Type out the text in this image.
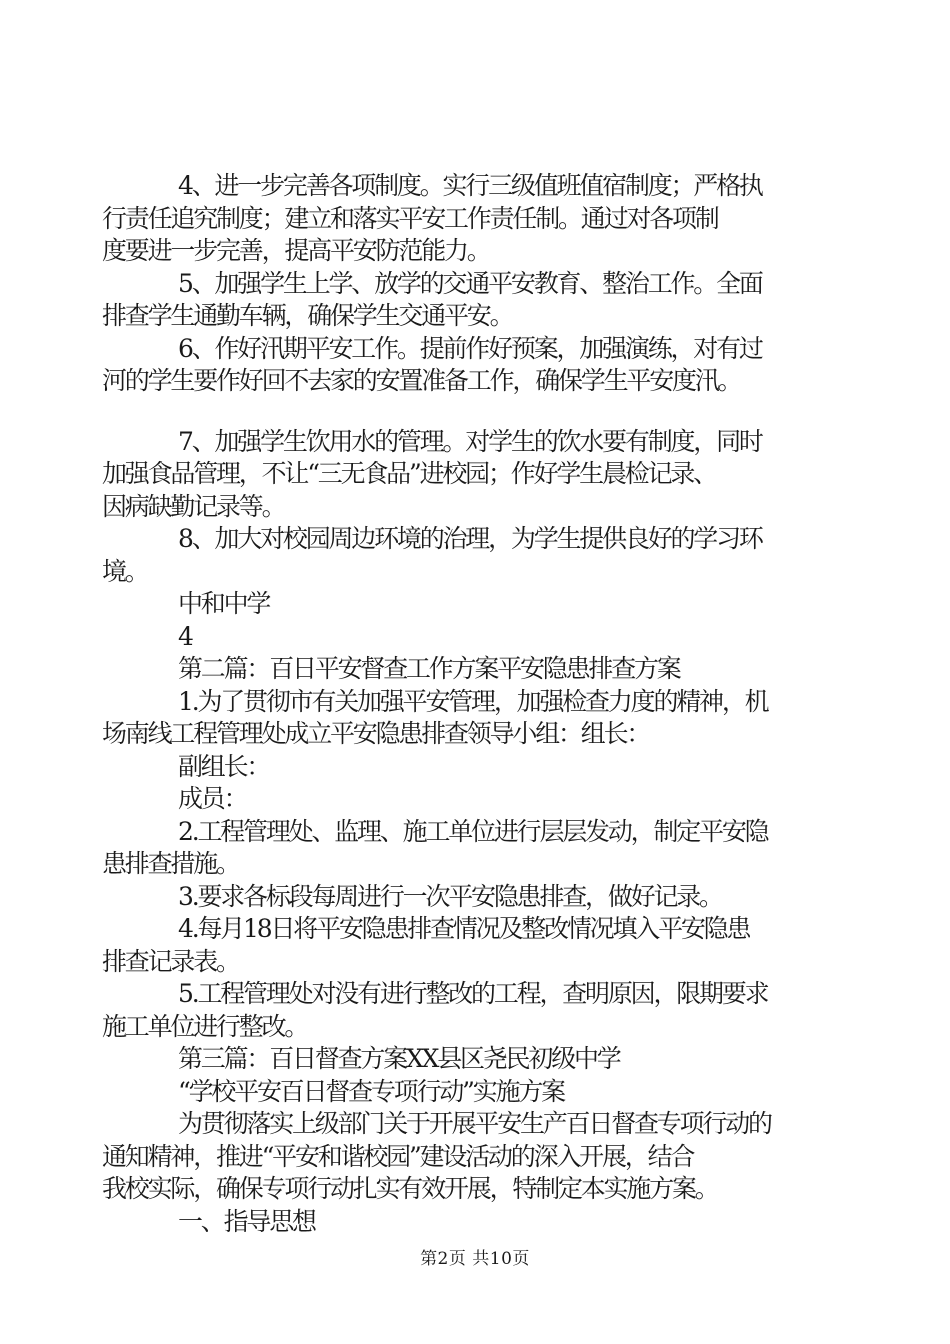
4、进一步完善各项制度。实行三级值班值宿制度；严格执

行责任追究制度；建立和落实平安工作责任制。通过对各项制

度要进一步完善，提高平安防范能力。

5、加强学生上学、放学的交通平安教育、整治工作。全面

排查学生通勤车辆，确保学生交通平安。

6、作好汛期平安工作。提前作好预案，加强演练，对有过

河的学生要作好回不去家的安置准备工作，确保学生平安度汛。

7、加强学生饮用水的管理。对学生的饮水要有制度，同时

加强食品管理，不让“三无食品”进校园；作好学生晨检记录、

因病缺勤记录等。

8、加大对校园周边环境的治理，为学生提供良好的学习环

境。

中和中学

4

第二篇：百日平安督查工作方案平安隐患排查方案

1.为了贯彻市有关加强平安管理，加强检查力度的精神，机

场南线工程管理处成立平安隐患排查领导小组：组长：

副组长：

成员：

2.工程管理处、监理、施工单位进行层层发动，制定平安隐

患排查措施。

3.要求各标段每周进行一次平安隐患排查，做好记录。

4.每月18日将平安隐患排查情况及整改情况填入平安隐患

排查记录表。

5.工程管理处对没有进行整改的工程，查明原因，限期要求

施工单位进行整改。

第三篇：百日督查方案XX县区尧民初级中学

“学校平安百日督查专项行动”实施方案

为贯彻落实上级部门关于开展平安生产百日督查专项行动的

通知精神，推进“平安和谐校园”建设活动的深入开展，结合

我校实际，确保专项行动扎实有效开展，特制定本实施方案。

一、指导思想

第2页 共10页
